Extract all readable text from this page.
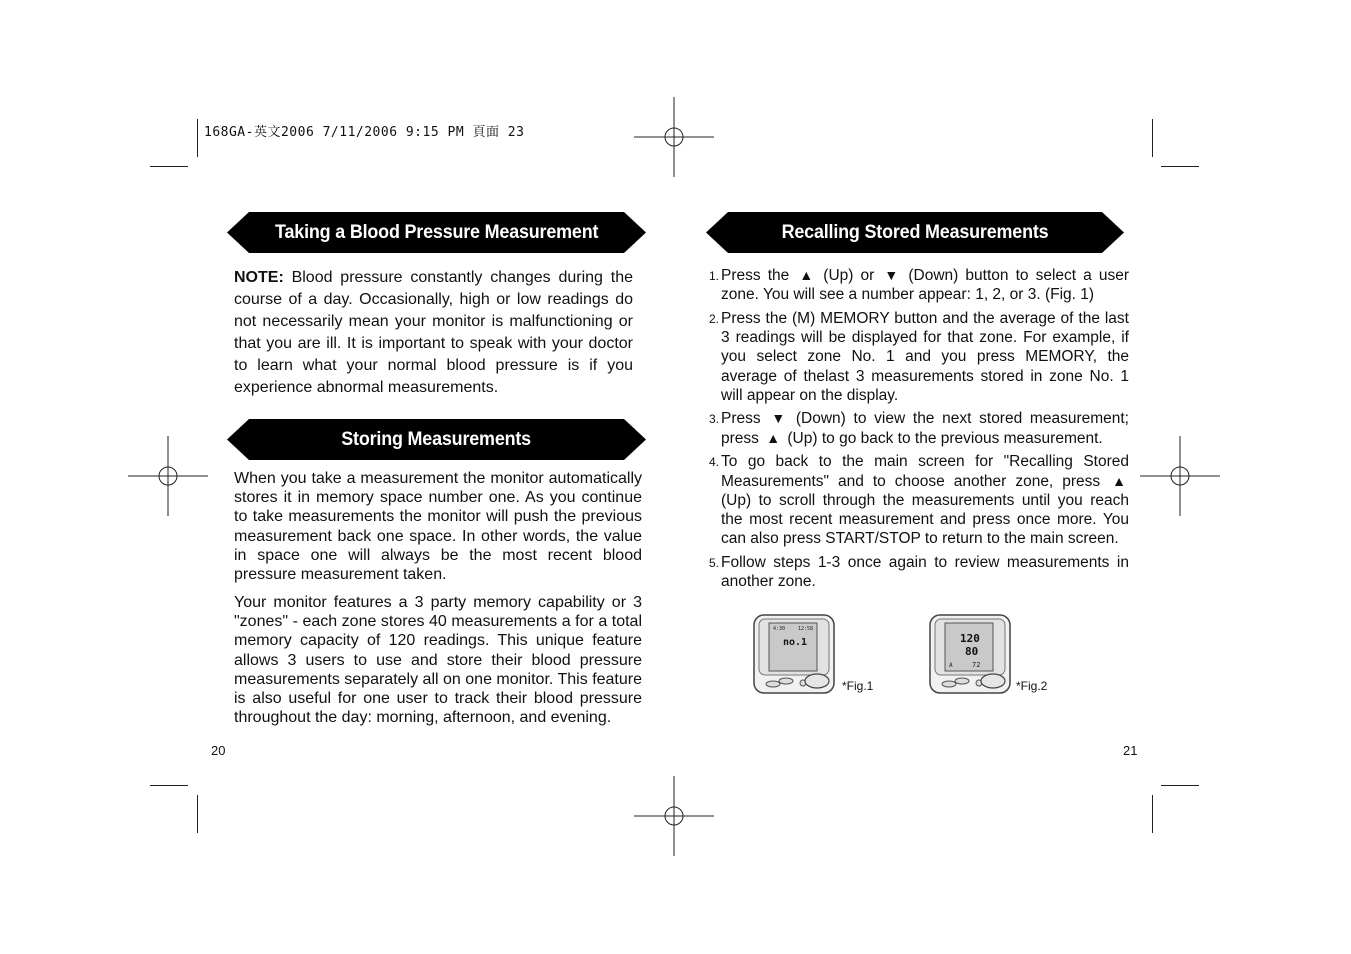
168GA-英文2006 7/11/2006 9:15 PM 頁面 23
Taking a Blood Pressure Measurement
NOTE: Blood pressure constantly changes during the course of a day. Occasionally, high or low readings do not necessarily mean your monitor is malfunctioning or that you are ill. It is important to speak with your doctor to learn what your normal blood pressure is if you experience abnormal measurements.
Storing Measurements
When you take a measurement the monitor automatically stores it in memory space number one. As you continue to take measurements the monitor will push the previous measurement back one space. In other words, the value in space one will always be the most recent blood pressure measurement taken.
Your monitor features a 3 party memory capability or 3 "zones" - each zone stores 40 measurements a for a total memory capacity of 120 readings. This unique feature allows 3 users to use and store their blood pressure measurements separately all on one monitor. This feature is also useful for one user to track their blood pressure throughout the day: morning, afternoon, and evening.
20
Recalling Stored Measurements
1. Press the ▲ (Up) or ▼ (Down) button to select a user zone. You will see a number appear: 1, 2, or 3. (Fig. 1)
2. Press the (M) MEMORY button and the average of the last 3 readings will be displayed for that zone. For example, if you select zone No. 1 and you press MEMORY, the average of thelast 3 measurements stored in zone No. 1 will appear on the display.
3. Press ▼ (Down) to view the next stored measurement; press ▲ (Up) to go back to the previous measurement.
4. To go back to the main screen for "Recalling Stored Measurements" and to choose another zone, press ▲ (Up) to scroll through the measurements until you reach the most recent measurement and press once more. You can also press START/STOP to return to the main screen.
5. Follow steps 1-3 once again to review measurements in another zone.
4:30	12:58
no.1
*Fig.1
120
80
A	72
*Fig.2
21
